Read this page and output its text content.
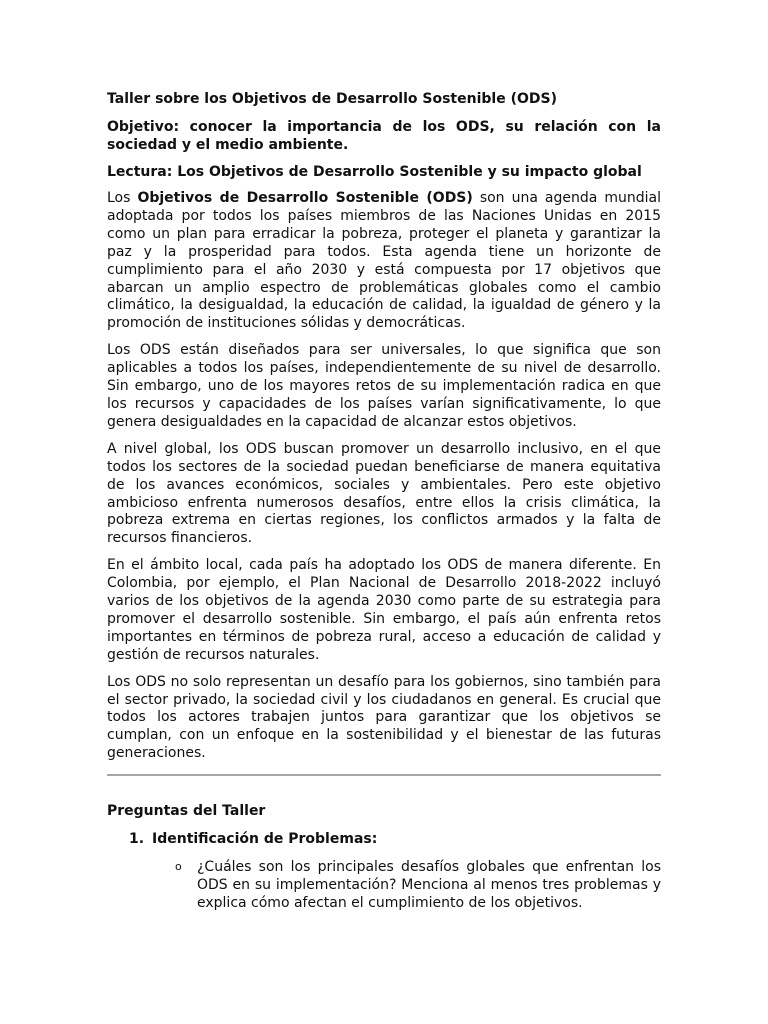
Taller sobre los Objetivos de Desarrollo Sostenible (ODS)

Objetivo: conocer la importancia de los ODS, su relación con la sociedad y el medio ambiente.

Lectura: Los Objetivos de Desarrollo Sostenible y su impacto global

Los Objetivos de Desarrollo Sostenible (ODS) son una agenda mundial adoptada por todos los países miembros de las Naciones Unidas en 2015 como un plan para erradicar la pobreza, proteger el planeta y garantizar la paz y la prosperidad para todos. Esta agenda tiene un horizonte de cumplimiento para el año 2030 y está compuesta por 17 objetivos que abarcan un amplio espectro de problemáticas globales como el cambio climático, la desigualdad, la educación de calidad, la igualdad de género y la promoción de instituciones sólidas y democráticas.

Los ODS están diseñados para ser universales, lo que significa que son aplicables a todos los países, independientemente de su nivel de desarrollo. Sin embargo, uno de los mayores retos de su implementación radica en que los recursos y capacidades de los países varían significativamente, lo que genera desigualdades en la capacidad de alcanzar estos objetivos.

A nivel global, los ODS buscan promover un desarrollo inclusivo, en el que todos los sectores de la sociedad puedan beneficiarse de manera equitativa de los avances económicos, sociales y ambientales. Pero este objetivo ambicioso enfrenta numerosos desafíos, entre ellos la crisis climática, la pobreza extrema en ciertas regiones, los conflictos armados y la falta de recursos financieros.

En el ámbito local, cada país ha adoptado los ODS de manera diferente. En Colombia, por ejemplo, el Plan Nacional de Desarrollo 2018-2022 incluyó varios de los objetivos de la agenda 2030 como parte de su estrategia para promover el desarrollo sostenible. Sin embargo, el país aún enfrenta retos importantes en términos de pobreza rural, acceso a educación de calidad y gestión de recursos naturales.

Los ODS no solo representan un desafío para los gobiernos, sino también para el sector privado, la sociedad civil y los ciudadanos en general. Es crucial que todos los actores trabajen juntos para garantizar que los objetivos se cumplan, con un enfoque en la sostenibilidad y el bienestar de las futuras generaciones.

Preguntas del Taller

1. Identificación de Problemas:
o	¿Cuáles son los principales desafíos globales que enfrentan los ODS en su implementación? Menciona al menos tres problemas y explica cómo afectan el cumplimiento de los objetivos.
